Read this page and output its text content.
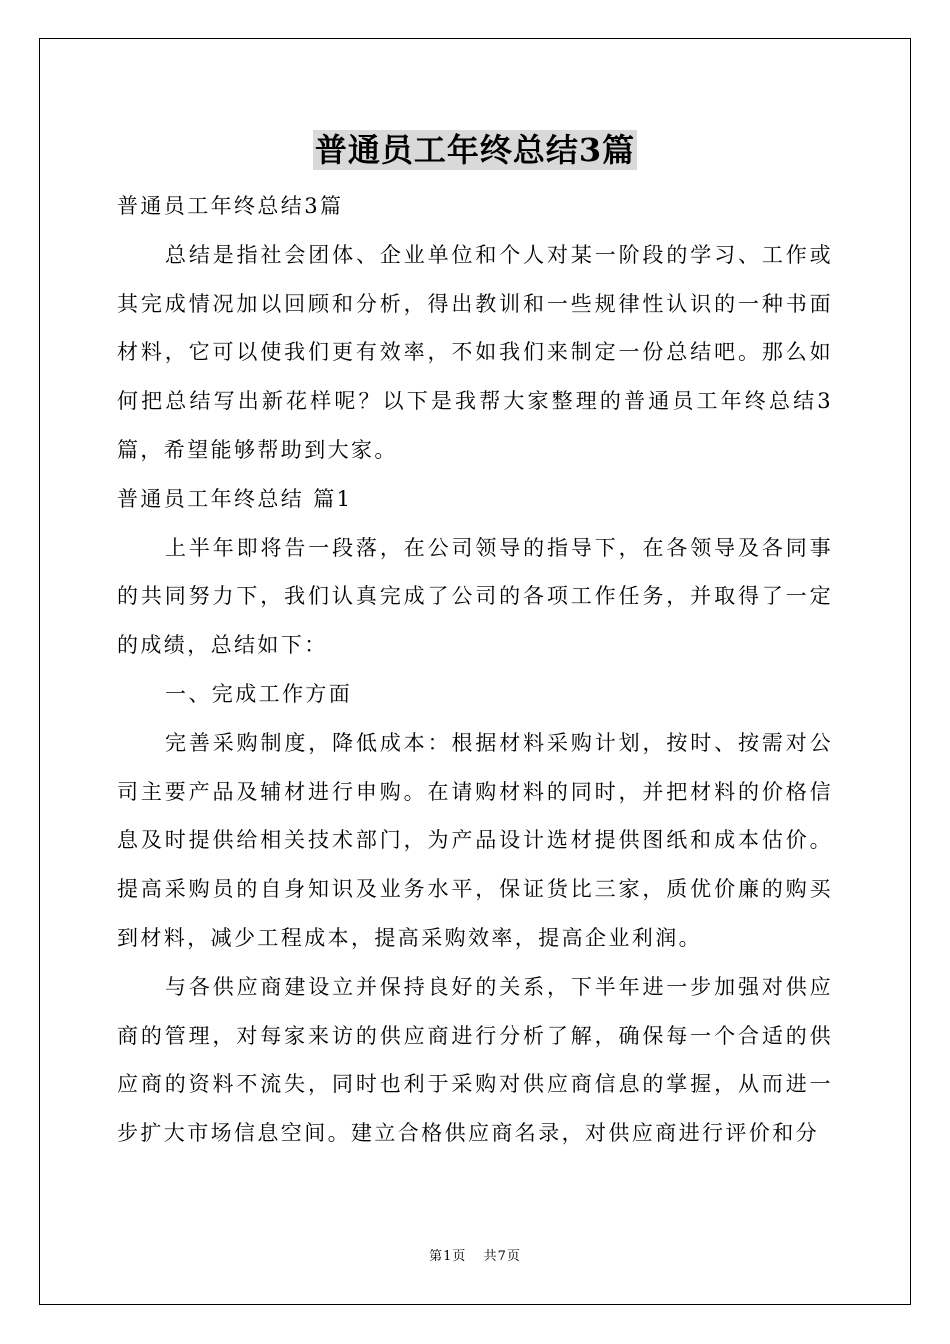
普通员工年终总结3篇

普通员工年终总结3篇

总结是指社会团体、企业单位和个人对某一阶段的学习、工作或其完成情况加以回顾和分析，得出教训和一些规律性认识的一种书面材料，它可以使我们更有效率，不如我们来制定一份总结吧。那么如何把总结写出新花样呢？以下是我帮大家整理的普通员工年终总结3篇，希望能够帮助到大家。

普通员工年终总结 篇1

上半年即将告一段落，在公司领导的指导下，在各领导及各同事的共同努力下，我们认真完成了公司的各项工作任务，并取得了一定的成绩，总结如下：

一、完成工作方面

完善采购制度，降低成本：根据材料采购计划，按时、按需对公司主要产品及辅材进行申购。在请购材料的同时，并把材料的价格信息及时提供给相关技术部门，为产品设计选材提供图纸和成本估价。提高采购员的自身知识及业务水平，保证货比三家，质优价廉的购买到材料，减少工程成本，提高采购效率，提高企业利润。

与各供应商建设立并保持良好的关系，下半年进一步加强对供应商的管理，对每家来访的供应商进行分析了解，确保每一个合适的供应商的资料不流失，同时也利于采购对供应商信息的掌握，从而进一步扩大市场信息空间。建立合格供应商名录，对供应商进行评价和分

第1页 共7页
